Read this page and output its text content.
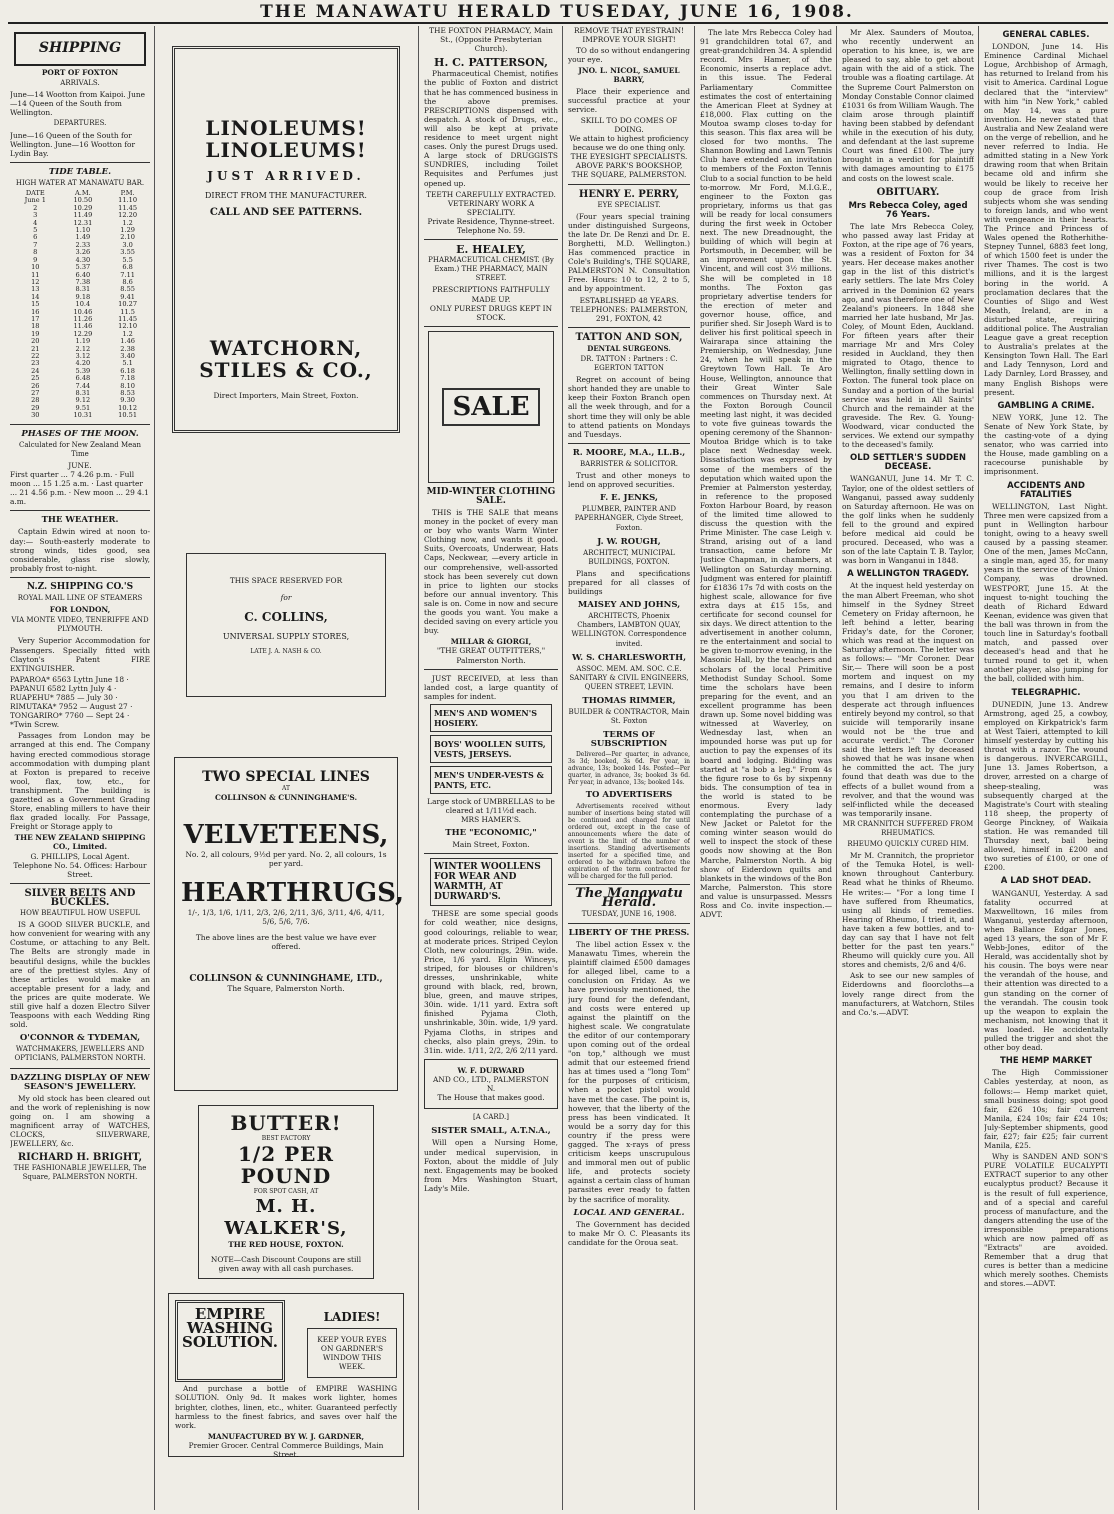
THE MANAWATU HERALD TUSEDAY, JUNE 16, 1908.
SHIPPING
PORT OF FOXTON
ARRIVALS.
June—14 Wootton from Kaipoi. June—14 Queen of the South from Wellington.
DEPARTURES.
June—16 Queen of the South for Wellington. June—16 Wootton for Lydin Bay.
TIDE TABLE.
HIGH WATER AT MANAWATU BAR.
DATE	A.M.	P.M.
June 1	10.50	11.10
2	10.29	11.45
3	11.49	12.20
4	12.31	1.2
5	1.10	1.29
6	1.49	2.10
7	2.33	3.0
8	3.26	3.55
9	4.30	5.5
10	5.37	6.8
11	6.40	7.11
12	7.38	8.6
13	8.31	8.55
14	9.18	9.41
15	10.4	10.27
16	10.46	11.5
17	11.26	11.45
18	11.46	12.10
19	12.29	1.2
20	1.19	1.46
21	2.12	2.38
22	3.12	3.40
23	4.20	5.1
24	5.39	6.18
25	6.48	7.18
26	7.44	8.10
27	8.31	8.53
28	9.12	9.30
29	9.51	10.12
30	10.31	10.51
PHASES OF THE MOON.
Calculated for New Zealand Mean Time
JUNE.
First quarter ... 7 4.26 p.m. · Full moon ... 15 1.25 a.m. · Last quarter ... 21 4.56 p.m. · New moon ... 29 4.1 a.m.
THE WEATHER.

Captain Edwin wired at noon to-day:— South-easterly moderate to strong winds, tides good, sea considerable, glass rise slowly, probably frost to-night.

N.Z. SHIPPING CO.'S
ROYAL MAIL LINE OF STEAMERS
FOR LONDON,
VIA MONTE VIDEO, TENERIFFE AND PLYMOUTH.

Very Superior Accommodation for Passengers. Specially fitted with Clayton's Patent FIRE EXTINGUISHER.

PAPAROA* 6563 Lyttn June 18 · PAPANUI 6582 Lyttn July 4 · RUAPEHU* 7885 — July 30 · RIMUTAKA* 7952 — August 27 · TONGARIRO* 7760 — Sept 24 · *Twin Screw.

Passages from London may be arranged at this end. The Company having erected commodious storage accommodation with dumping plant at Foxton is prepared to receive wool, flax, tow, etc., for transhipment. The building is gazetted as a Government Grading Store, enabling millers to have their flax graded locally. For Passage, Freight or Storage apply to

THE NEW ZEALAND SHIPPING CO., Limited.
G. PHILLIPS, Local Agent.
Telephone No. 54. Offices: Harbour Street.
SILVER BELTS AND BUCKLES.
HOW BEAUTIFUL HOW USEFUL

IS A GOOD SILVER BUCKLE, and how convenient for wearing with any Costume, or attaching to any Belt. The Belts are strongly made in beautiful designs, while the buckles are of the prettiest styles. Any of these articles would make an acceptable present for a lady, and the prices are quite moderate. We still give half a dozen Electro Silver Teaspoons with each Wedding Ring sold.

O'CONNOR & TYDEMAN,
WATCHMAKERS, JEWELLERS AND OPTICIANS, PALMERSTON NORTH.
DAZZLING DISPLAY OF NEW SEASON'S JEWELLERY.

My old stock has been cleared out and the work of replenishing is now going on. I am showing a magnificent array of WATCHES, CLOCKS, SILVERWARE, JEWELLERY, &c.

RICHARD H. BRIGHT,
THE FASHIONABLE JEWELLER, The Square, PALMERSTON NORTH.
LINOLEUMS!
LINOLEUMS!
JUST ARRIVED.
DIRECT FROM THE MANUFACTURER.
CALL AND SEE PATTERNS.
WATCHORN, STILES & CO.,
Direct Importers, Main Street, Foxton.
THIS SPACE RESERVED FOR
for
C. COLLINS,
UNIVERSAL SUPPLY STORES,
LATE J. A. NASH & CO.
TWO SPECIAL LINES
AT
COLLINSON & CUNNINGHAME'S.
VELVETEENS,
No. 2, all colours, 9½d per yard. No. 2, all colours, 1s per yard.
HEARTHRUGS,
1/-, 1/3, 1/6, 1/11, 2/3, 2/6, 2/11, 3/6, 3/11, 4/6, 4/11, 5/6, 5/6, 7/6.
The above lines are the best value we have ever offered.
COLLINSON & CUNNINGHAME, LTD.,
The Square, Palmerston North.
BUTTER!
BEST FACTORY
1/2 PER POUND
FOR SPOT CASH, AT
M. H. WALKER'S,
THE RED HOUSE, FOXTON.
NOTE—Cash Discount Coupons are still given away with all cash purchases.
EMPIRE
WASHING
SOLUTION.
LADIES!
KEEP YOUR EYES ON GARDNER'S WINDOW THIS WEEK.

And purchase a bottle of EMPIRE WASHING SOLUTION. Only 9d. It makes work lighter, homes brighter, clothes, linen, etc., whiter. Guaranteed perfectly harmless to the finest fabrics, and saves over half the work.

MANUFACTURED BY W. J. GARDNER,
Premier Grocer. Central Commerce Buildings, Main Street.
THE FOXTON PHARMACY, Main St., (Opposite Presbyterian Church).
H. C. PATTERSON,

Pharmaceutical Chemist, notifies the public of Foxton and district that he has commenced business in the above premises. PRESCRIPTIONS dispensed with despatch. A stock of Drugs, etc., will also be kept at private residence to meet urgent night cases. Only the purest Drugs used. A large stock of DRUGGISTS SUNDRIES, including Toilet Requisites and Perfumes just opened up.

TEETH CAREFULLY EXTRACTED.
VETERINARY WORK A SPECIALITY.
Private Residence, Thynne-street. Telephone No. 59.
E. HEALEY,
PHARMACEUTICAL CHEMIST. (By Exam.) THE PHARMACY, MAIN STREET.
PRESCRIPTIONS FAITHFULLY MADE UP.
ONLY PUREST DRUGS KEPT IN STOCK.
SALE
MID-WINTER CLOTHING SALE.

THIS is THE SALE that means money in the pocket of every man or boy who wants Warm Winter Clothing now, and wants it good. Suits, Overcoats, Underwear, Hats Caps, Neckwear, —every article in our comprehensive, well-assorted stock has been severely cut down in price to lighten our stocks before our annual inventory. This sale is on. Come in now and secure the goods you want. You make a decided saving on every article you buy.

MILLAR & GIORGI,
"THE GREAT OUTFITTERS," Palmerston North.

JUST RECEIVED, at less than landed cost, a large quantity of samples for indent.

MEN'S AND WOMEN'S HOSIERY.
BOYS' WOOLLEN SUITS, VESTS, JERSEYS.
MEN'S UNDER-VESTS & PANTS, ETC.
Large stock of UMBRELLAS to be cleared at 1/11½d each.
MRS HAMER'S.
THE "ECONOMIC,"
Main Street, Foxton.
WINTER WOOLLENS FOR WEAR AND WARMTH, AT DURWARD'S.

THESE are some special goods for cold weather, nice designs, good colourings, reliable to wear, at moderate prices. Striped Ceylon Cloth, new colourings, 29in. wide. Price, 1/6 yard. Elgin Winceys, striped, for blouses or children's dresses, unshrinkable, white ground with black, red, brown, blue, green, and mauve stripes, 30in. wide. 1/11 yard. Extra soft finished Pyjama Cloth, unshrinkable, 30in. wide, 1/9 yard. Pyjama Cloths, in stripes and checks, also plain greys, 29in. to 31in. wide. 1/11, 2/2, 2/6 2/11 yard.

W. F. DURWARD
AND CO., LTD., PALMERSTON N.
The House that makes good.
[A CARD.]
SISTER SMALL, A.T.N.A.,

Will open a Nursing Home, under medical supervision, in Foxton, about the middle of July next. Engagements may be booked from Mrs Washington Stuart, Lady's Mile.

REMOVE THAT EYESTRAIN! IMPROVE YOUR SIGHT!

TO do so without endangering your eye.

JNO. L. NICOL, SAMUEL BARRY,

Place their experience and successful practice at your service.

SKILL TO DO COMES OF DOING.
We attain to highest proficiency because we do one thing only.
THE EYESIGHT SPECIALISTS.
ABOVE PARK'S BOOKSHOP,
THE SQUARE, PALMERSTON.
HENRY E. PERRY,
EYE SPECIALIST.

(Four years special training under distinguished Surgeons, the late Dr. De Renzi and Dr. E. Borghetti, M.D. Wellington.) Has commenced practice in Cole's Building's, THE SQUARE, PALMERSTON N. Consultation Free. Hours: 10 to 12, 2 to 5, and by appointment.

ESTABLISHED 48 YEARS.
TELEPHONES: PALMERSTON, 291, FOXTON, 42
TATTON AND SON,
DENTAL SURGEONS.
DR. TATTON : Partners : C. EGERTON TATTON

Regret on account of being short handed they are unable to keep their Foxton Branch open all the week through, and for a short time they will only be able to attend patients on Mondays and Tuesdays.

R. MOORE, M.A., LL.B.,
BARRISTER & SOLICITOR.

Trust and other moneys to lend on approved securities.

F. E. JENKS,
PLUMBER, PAINTER AND PAPERHANGER, Clyde Street, Foxton.
J. W. ROUGH,
ARCHITECT, MUNICIPAL BUILDINGS, FOXTON.

Plans and specifications prepared for all classes of buildings

MAISEY AND JOHNS,
ARCHITECTS, Phoenix Chambers, LAMBTON QUAY, WELLINGTON. Correspondence invited.
W. S. CHARLESWORTH,
ASSOC. MEM. AM. SOC. C.E. SANITARY & CIVIL ENGINEERS, QUEEN STREET, LEVIN.
THOMAS RIMMER,
BUILDER & CONTRACTOR, Main St. Foxton
TERMS OF SUBSCRIPTION

Delivered—Per quarter, in advance, 3s 3d; booked, 3s 6d. Per year, in advance, 13s; booked 14s. Posted—Per quarter, in advance, 3s; booked 3s 6d. Per year, in advance, 13s; booked 14s.

TO ADVERTISERS

Advertisements received without number of insertions being stated will be continued and charged for until ordered out, except in the case of announcements where the date of event is the limit of the number of insertions. Standing advertisements inserted for a specified time, and ordered to be withdrawn before the expiration of the term contracted for will be charged for the full period.

The Manawatu Herald.
TUESDAY, JUNE 16, 1908.
LIBERTY OF THE PRESS.

The libel action Essex v. the Manawatu Times, wherein the plaintiff claimed £500 damages for alleged libel, came to a conclusion on Friday. As we have previously mentioned, the jury found for the defendant, and costs were entered up against the plaintiff on the highest scale. We congratulate the editor of our contemporary upon coming out of the ordeal "on top," although we must admit that our esteemed friend has at times used a "long Tom" for the purposes of criticism, when a pocket pistol would have met the case. The point is, however, that the liberty of the press has been vindicated. It would be a sorry day for this country if the press were gagged. The x-rays of press criticism keeps unscrupulous and immoral men out of public life, and protects society against a certain class of human parasites ever ready to fatten by the sacrifice of morality.

LOCAL AND GENERAL.

The Government has decided to make Mr O. C. Pleasants its candidate for the Oroua seat.

The late Mrs Rebecca Coley had 91 grandchildren total 67, and great-grandchildren 34. A splendid record. Mrs Hamer, of the Economic, inserts a replace advt. in this issue. The Federal Parliamentary Committee estimates the cost of entertaining the American Fleet at Sydney at £18,000. Flax cutting on the Moutoa swamp closes to-day for this season. This flax area will be closed for two months. The Shannon Bowling and Lawn Tennis Club have extended an invitation to members of the Foxton Tennis Club to a social function to be held to-morrow. Mr Ford, M.I.G.E., engineer to the Foxton gas proprietary, informs us that gas will be ready for local consumers during the first week in October next. The new Dreadnought, the building of which will begin at Portsmouth, in December, will be an improvement upon the St. Vincent, and will cost 3½ millions. She will be completed in 18 months. The Foxton gas proprietary advertise tenders for the erection of meter and governor house, office, and purifier shed. Sir Joseph Ward is to deliver his first political speech in Wairarapa since attaining the Premiership, on Wednesday, June 24, when he will speak in the Greytown Town Hall. Te Aro House, Wellington, announce that their Great Winter Sale commences on Thursday next. At the Foxton Borough Council meeting last night, it was decided to vote five guineas towards the opening ceremony of the Shannon-Moutoa Bridge which is to take place next Wednesday week. Dissatisfaction was expressed by some of the members of the deputation which waited upon the Premier at Palmerston yesterday, in reference to the proposed Foxton Harbour Board, by reason of the limited time allowed to discuss the question with the Prime Minister. The case Leigh v. Strand, arising out of a land transaction, came before Mr Justice Chapman, in chambers, at Wellington on Saturday morning. Judgment was entered for plaintiff for £1836 17s 7d with costs on the highest scale, allowance for five extra days at £15 15s, and certificate for second counsel for six days. We direct attention to the advertisement in another column, re the entertainment and social to be given to-morrow evening, in the Masonic Hall, by the teachers and scholars of the local Primitive Methodist Sunday School. Some time the scholars have been preparing for the event, and an excellent programme has been drawn up. Some novel bidding was witnessed at Waverley, on Wednesday last, when an impounded horse was put up for auction to pay the expenses of its board and lodging. Bidding was started at "a bob a leg." From 4s the figure rose to 6s by sixpenny bids. The consumption of tea in the world is stated to be enormous. Every lady contemplating the purchase of a New Jacket or Paletot for the coming winter season would do well to inspect the stock of these goods now showing at the Bon Marche, Palmerston North. A big show of Eiderdown quilts and blankets in the windows of the Bon Marche, Palmerston. This store and value is unsurpassed. Messrs Ross and Co. invite inspection.—ADVT.

Mr Alex. Saunders of Moutoa, who recently underwent an operation to his knee, is, we are pleased to say, able to get about again with the aid of a stick. The trouble was a floating cartilage. At the Supreme Court Palmerston on Monday Constable Connor claimed £1031 6s from William Waugh. The claim arose through plaintiff having been stabbed by defendant while in the execution of his duty, and defendant at the last supreme Court was fined £100. The jury brought in a verdict for plaintiff with damages amounting to £175 and costs on the lowest scale.

OBITUARY.
Mrs Rebecca Coley, aged 76 Years.

The late Mrs Rebecca Coley, who passed away last Friday at Foxton, at the ripe age of 76 years, was a resident of Foxton for 34 years. Her decease makes another gap in the list of this district's early settlers. The late Mrs Coley arrived in the Dominion 62 years ago, and was therefore one of New Zealand's pioneers. In 1848 she married her late husband, Mr Jas. Coley, of Mount Eden, Auckland. For fifteen years after their marriage Mr and Mrs Coley resided in Auckland, they then migrated to Otago, thence to Wellington, finally settling down in Foxton. The funeral took place on Sunday and a portion of the burial service was held in All Saints' Church and the remainder at the graveside. The Rev. G. Young-Woodward, vicar conducted the services. We extend our sympathy to the deceased's family.

OLD SETTLER'S SUDDEN DECEASE.

WANGANUI, June 14. Mr T. C. Taylor, one of the oldest settlers of Wanganui, passed away suddenly on Saturday afternoon. He was on the golf links when he suddenly fell to the ground and expired before medical aid could be procured. Deceased, who was a son of the late Captain T. B. Taylor, was born in Wanganui in 1848.

A WELLINGTON TRAGEDY.

At the inquest held yesterday on the man Albert Freeman, who shot himself in the Sydney Street Cemetery on Friday afternoon, he left behind a letter, bearing Friday's date, for the Coroner, which was read at the inquest on Saturday afternoon. The letter was as follows:— "Mr Coroner. Dear Sir,— There will soon be a post mortem and inquest on my remains, and I desire to inform you that I am driven to the desperate act through influences entirely beyond my control, so that suicide will temporarily insane would not be the true and accurate verdict." The Coroner said the letters left by deceased showed that he was insane when he committed the act. The jury found that death was due to the effects of a bullet wound from a revolver, and that the wound was self-inflicted while the deceased was temporarily insane.

MR CRANNITCH SUFFERED FROM RHEUMATICS.
RHEUMO QUICKLY CURED HIM.

Mr M. Crannitch, the proprietor of the Temuka Hotel, is well-known throughout Canterbury. Read what he thinks of Rheumo. He writes:— "For a long time I have suffered from Rheumatics, using all kinds of remedies. Hearing of Rheumo, I tried it, and have taken a few bottles, and to-day can say that I have not felt better for the past ten years." Rheumo will quickly cure you. All stores and chemists, 2/6 and 4/6.

Ask to see our new samples of Eiderdowns and floorcloths—a lovely range direct from the manufacturers, at Watchorn, Stiles and Co.'s.—ADVT.

GENERAL CABLES.

LONDON, June 14. His Eminence Cardinal Michael Logue, Archbishop of Armagh, has returned to Ireland from his visit to America. Cardinal Logue declared that the "interview" with him "in New York," cabled on May 14, was a pure invention. He never stated that Australia and New Zealand were on the verge of rebellion, and he never referred to India. He admitted stating in a New York drawing room that when Britain became old and infirm she would be likely to receive her coup de grace from Irish subjects whom she was sending to foreign lands, and who went with vengeance in their hearts. The Prince and Princess of Wales opened the Rotherhithe-Stepney Tunnel, 6883 feet long, of which 1500 feet is under the river Thames. The cost is two millions, and it is the largest boring in the world. A proclamation declares that the Counties of Sligo and West Meath, Ireland, are in a disturbed state, requiring additional police. The Australian League gave a great reception to Australia's prelates at the Kensington Town Hall. The Earl and Lady Tennyson, Lord and Lady Darnley, Lord Brassey, and many English Bishops were present.

GAMBLING A CRIME.

NEW YORK, June 12. The Senate of New York State, by the casting-vote of a dying senator, who was carried into the House, made gambling on a racecourse punishable by imprisonment.

ACCIDENTS AND FATALITIES

WELLINGTON, Last Night. Three men were capsized from a punt in Wellington harbour tonight, owing to a heavy swell caused by a passing steamer. One of the men, James McCann, a single man, aged 35, for many years in the service of the Union Company, was drowned. WESTPORT, June 15. At the inquest to-night touching the death of Richard Edward Keenan, evidence was given that the ball was thrown in from the touch line in Saturday's football match, and passed over deceased's head and that he turned round to get it, when another player, also jumping for the ball, collided with him.

TELEGRAPHIC.

DUNEDIN, June 13. Andrew Armstrong, aged 25, a cowboy, employed on Kirkpatrick's farm at West Taieri, attempted to kill himself yesterday by cutting his throat with a razor. The wound is dangerous. INVERCARGILL, June 13. James Robertson, a drover, arrested on a charge of sheep-stealing, was subsequently charged at the Magistrate's Court with stealing 118 sheep, the property of George Pinckney, of Waikaia station. He was remanded till Thursday next, bail being allowed, himself in £200 and two sureties of £100, or one of £200.

A LAD SHOT DEAD.

WANGANUI, Yesterday. A sad fatality occurred at Maxwelltown, 16 miles from Wanganui, yesterday afternoon, when Ballance Edgar Jones, aged 13 years, the son of Mr F. Webb-Jones, editor of the Herald, was accidentally shot by his cousin. The boys were near the verandah of the house, and their attention was directed to a gun standing on the corner of the verandah. The cousin took up the weapon to explain the mechanism, not knowing that it was loaded. He accidentally pulled the trigger and shot the other boy dead.

THE HEMP MARKET

The High Commissioner Cables yesterday, at noon, as follows:— Hemp market quiet, small business doing; spot good fair, £26 10s; fair current Manila, £24 10s; fair £24 10s; July-September shipments, good fair, £27; fair £25; fair current Manila, £25.

Why is SANDEN AND SON'S PURE VOLATILE EUCALYPTI EXTRACT superior to any other eucalyptus product? Because it is the result of full experience, and of a special and careful process of manufacture, and the dangers attending the use of the irresponsible preparations which are now palmed off as "Extracts" are avoided. Remember that a drug that cures is better than a medicine which merely soothes. Chemists and stores.—ADVT.
